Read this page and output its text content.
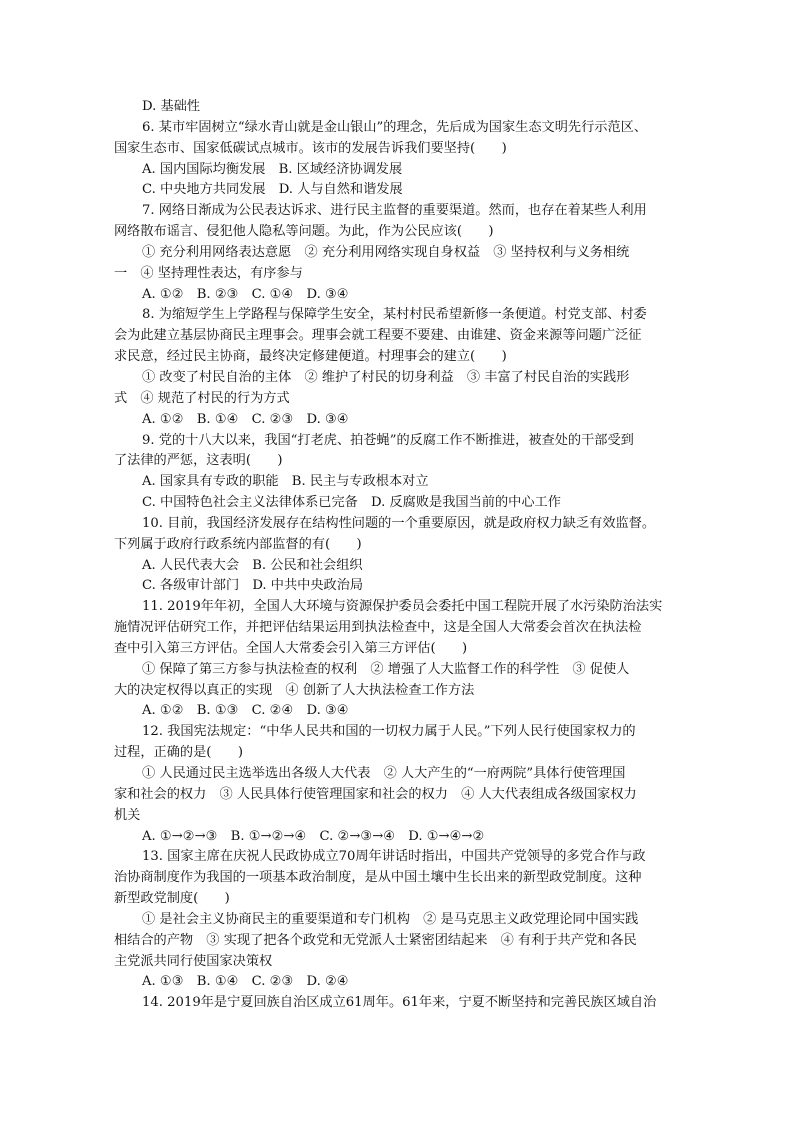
D. 基础性
6. 某市牢固树立“绿水青山就是金山银山”的理念，先后成为国家生态文明先行示范区、
国家生态市、国家低碳试点城市。该市的发展告诉我们要坚持(　　)
A. 国内国际均衡发展　B. 区域经济协调发展
C. 中央地方共同发展　D. 人与自然和谐发展
7. 网络日渐成为公民表达诉求、进行民主监督的重要渠道。然而，也存在着某些人利用
网络散布谣言、侵犯他人隐私等问题。为此，作为公民应该(　　)
① 充分利用网络表达意愿　② 充分利用网络实现自身权益　③ 坚持权利与义务相统
一　④ 坚持理性表达，有序参与
A. ①②　B. ②③　C. ①④　D. ③④
8. 为缩短学生上学路程与保障学生安全，某村村民希望新修一条便道。村党支部、村委
会为此建立基层协商民主理事会。理事会就工程要不要建、由谁建、资金来源等问题广泛征
求民意，经过民主协商，最终决定修建便道。村理事会的建立(　　)
① 改变了村民自治的主体　② 维护了村民的切身利益　③ 丰富了村民自治的实践形
式　④ 规范了村民的行为方式
A. ①②　B. ①④　C. ②③　D. ③④
9. 党的十八大以来，我国“打老虎、拍苍蝇”的反腐工作不断推进，被查处的干部受到
了法律的严惩，这表明(　　)
A. 国家具有专政的职能　B. 民主与专政根本对立
C. 中国特色社会主义法律体系已完备　D. 反腐败是我国当前的中心工作
10. 目前，我国经济发展存在结构性问题的一个重要原因，就是政府权力缺乏有效监督。
下列属于政府行政系统内部监督的有(　　)
A. 人民代表大会　B. 公民和社会组织
C. 各级审计部门　D. 中共中央政治局
11. 2019年年初，全国人大环境与资源保护委员会委托中国工程院开展了水污染防治法实
施情况评估研究工作，并把评估结果运用到执法检查中，这是全国人大常委会首次在执法检
查中引入第三方评估。全国人大常委会引入第三方评估(　　)
① 保障了第三方参与执法检查的权利　② 增强了人大监督工作的科学性　③ 促使人
大的决定权得以真正的实现　④ 创新了人大执法检查工作方法
A. ①②　B. ①③　C. ②④　D. ③④
12. 我国宪法规定：“中华人民共和国的一切权力属于人民。”下列人民行使国家权力的
过程，正确的是(　　)
① 人民通过民主选举选出各级人大代表　② 人大产生的“一府两院”具体行使管理国
家和社会的权力　③ 人民具体行使管理国家和社会的权力　④ 人大代表组成各级国家权力
机关
A. ①→②→③　B. ①→②→④　C. ②→③→④　D. ①→④→②
13. 国家主席在庆祝人民政协成立70周年讲话时指出，中国共产党领导的多党合作与政
治协商制度作为我国的一项基本政治制度，是从中国土壤中生长出来的新型政党制度。这种
新型政党制度(　　)
① 是社会主义协商民主的重要渠道和专门机构　② 是马克思主义政党理论同中国实践
相结合的产物　③ 实现了把各个政党和无党派人士紧密团结起来　④ 有利于共产党和各民
主党派共同行使国家决策权
A. ①③　B. ①④　C. ②③　D. ②④
14. 2019年是宁夏回族自治区成立61周年。61年来，宁夏不断坚持和完善民族区域自治
